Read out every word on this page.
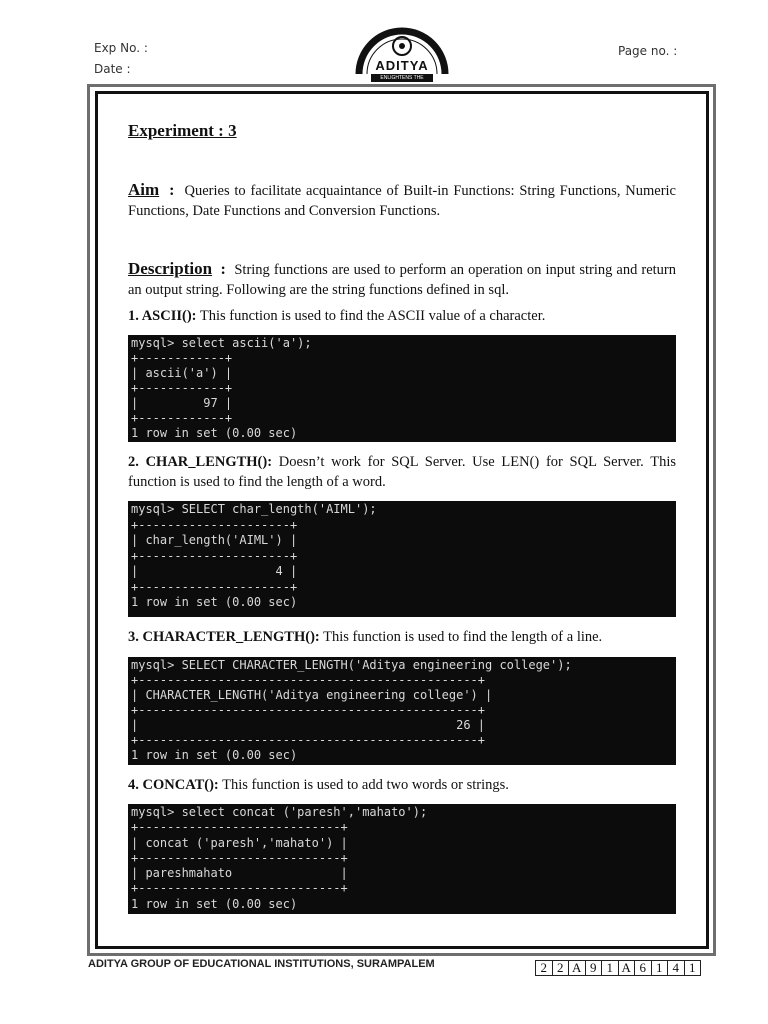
Exp No. :
Date :
Page no. :
ADITYA
ENLIGHTENS THE NESCIENCE
Experiment : 3
Aim  :  Queries to facilitate acquaintance of Built-in Functions: String Functions, Numeric Functions, Date Functions and Conversion Functions.
Description  :  String functions are used to perform an operation on input string and return an output string. Following are the string functions defined in sql.
1. ASCII(): This function is used to find the ASCII value of a character.
mysql> select ascii('a');
+------------+
| ascii('a') |
+------------+
|         97 |
+------------+
1 row in set (0.00 sec)
2. CHAR_LENGTH(): Doesn’t work for SQL Server. Use LEN() for SQL Server. This function is used to find the length of a word.
mysql> SELECT char_length('AIML');
+---------------------+
| char_length('AIML') |
+---------------------+
|                   4 |
+---------------------+
1 row in set (0.00 sec)
3. CHARACTER_LENGTH(): This function is used to find the length of a line.
mysql> SELECT CHARACTER_LENGTH('Aditya engineering college');
+-----------------------------------------------+
| CHARACTER_LENGTH('Aditya engineering college') |
+-----------------------------------------------+
|                                            26 |
+-----------------------------------------------+
1 row in set (0.00 sec)
4. CONCAT(): This function is used to add two words or strings.
mysql> select concat ('paresh','mahato');
+----------------------------+
| concat ('paresh','mahato') |
+----------------------------+
| pareshmahato               |
+----------------------------+
1 row in set (0.00 sec)
ADITYA GROUP OF EDUCATIONAL INSTITUTIONS, SURAMPALEM	2 2 A 9 1 A 6 1 4 1
